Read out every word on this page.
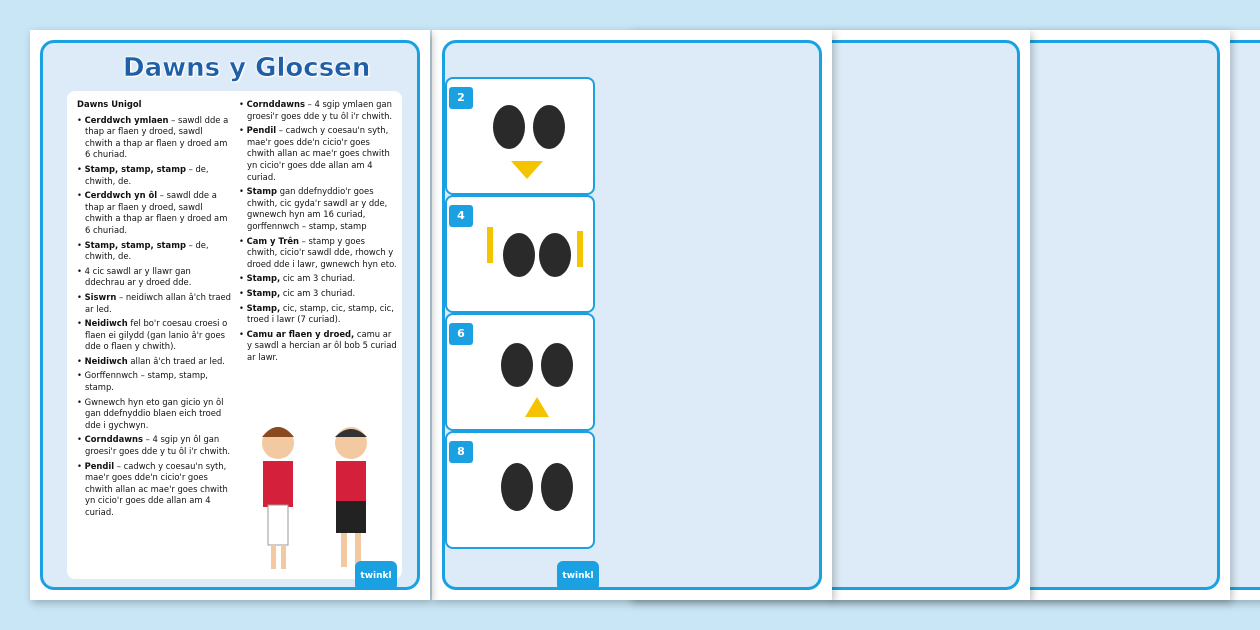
2
4
6
8
twinkl
Dawns y Glocsen
Dawns Unigol
• Cerddwch ymlaen – sawdl dde a thap ar flaen y droed, sawdl chwith a thap ar flaen y droed am 6 churiad.
• Stamp, stamp, stamp – de, chwith, de.
• Cerddwch yn ôl – sawdl dde a thap ar flaen y droed, sawdl chwith a thap ar flaen y droed am 6 churiad.
• Stamp, stamp, stamp – de, chwith, de.
• 4 cic sawdl ar y llawr gan ddechrau ar y droed dde.
• Siswrn – neidiwch allan â'ch traed ar led.
• Neidiwch fel bo'r coesau croesi o flaen ei gilydd (gan lanio â'r goes dde o flaen y chwith).
• Neidiwch allan â'ch traed ar led.
• Gorffennwch – stamp, stamp, stamp.
• Gwnewch hyn eto gan gicio yn ôl gan ddefnyddio blaen eich troed dde i gychwyn.
• Cornddawns – 4 sgip yn ôl gan groesi'r goes dde y tu ôl i'r chwith.
• Pendil – cadwch y coesau'n syth, mae'r goes dde'n cicio'r goes chwith allan ac mae'r goes chwith yn cicio'r goes dde allan am 4 curiad.
• Cornddawns – 4 sgip ymlaen gan groesi'r goes dde y tu ôl i'r chwith.
• Pendil – cadwch y coesau'n syth, mae'r goes dde'n cicio'r goes chwith allan ac mae'r goes chwith yn cicio'r goes dde allan am 4 curiad.
• Stamp gan ddefnyddio'r goes chwith, cic gyda'r sawdl ar y dde, gwnewch hyn am 16 curiad, gorffennwch – stamp, stamp
• Cam y Trên – stamp y goes chwith, cicio'r sawdl dde, rhowch y droed dde i lawr, gwnewch hyn eto.
• Stamp, cic am 3 churiad.
• Stamp, cic am 3 churiad.
• Stamp, cic, stamp, cic, stamp, cic, troed i lawr (7 curiad).
• Camu ar flaen y droed, camu ar y sawdl a hercian ar ôl bob 5 curiad ar lawr.
twinkl
